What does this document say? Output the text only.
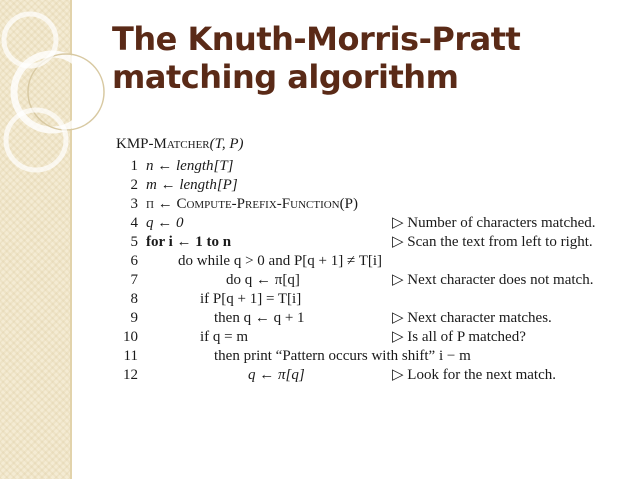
The Knuth-Morris-Pratt
matching algorithm
KMP-Matcher(T, P)
1 n ← length[T]
2 m ← length[P]
3 π ← Compute-Prefix-Function(P)
4 q ← 0	▷ Number of characters matched.
5 for i ← 1 to n	▷ Scan the text from left to right.
6	do while q > 0 and P[q + 1] ≠ T[i]
7	do q ← π[q]	▷ Next character does not match.
8	if P[q + 1] = T[i]
9	then q ← q + 1	▷ Next character matches.
10	if q = m	▷ Is all of P matched?
11	then print “Pattern occurs with shift” i − m
12	q ← π[q]	▷ Look for the next match.
